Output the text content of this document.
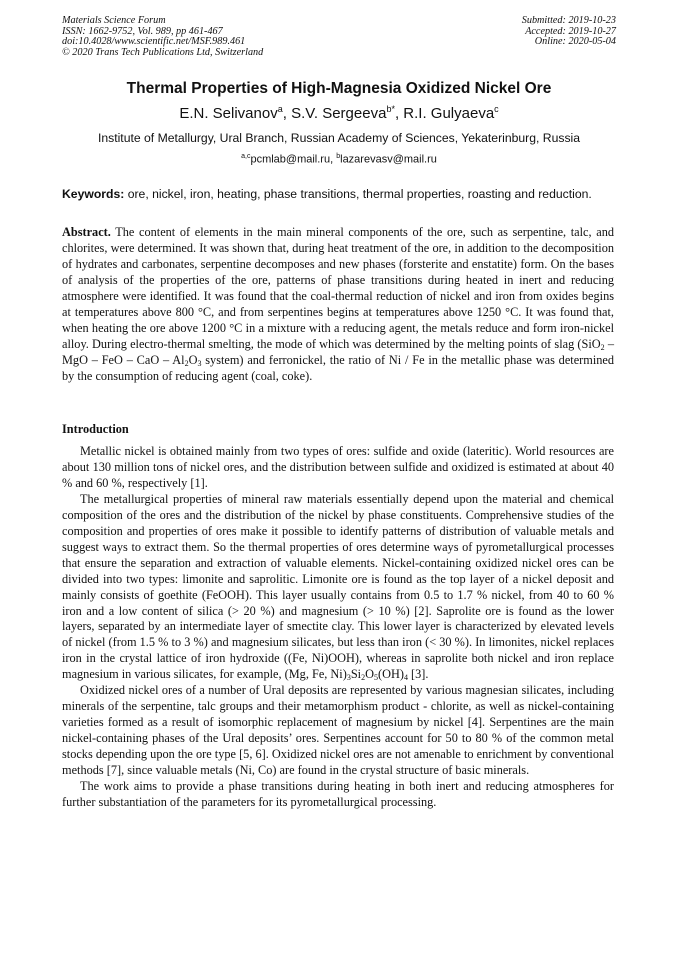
Materials Science Forum
ISSN: 1662-9752, Vol. 989, pp 461-467
doi:10.4028/www.scientific.net/MSF.989.461
© 2020 Trans Tech Publications Ltd, Switzerland
Submitted: 2019-10-23
Accepted: 2019-10-27
Online: 2020-05-04
Thermal Properties of High-Magnesia Oxidized Nickel Ore
E.N. Selivanov$^a$, S.V. Sergeeva$^{b*}$, R.I. Gulyaeva$^c$
Institute of Metallurgy, Ural Branch, Russian Academy of Sciences, Yekaterinburg, Russia
$^{a,c}$pcmlab@mail.ru, $^b$lazarevasv@mail.ru
Keywords: ore, nickel, iron, heating, phase transitions, thermal properties, roasting and reduction.

Abstract. The content of elements in the main mineral components of the ore, such as serpentine, talc, and chlorites, were determined. It was shown that, during heat treatment of the ore, in addition to the decomposition of hydrates and carbonates, serpentine decomposes and new phases (forsterite and enstatite) form. On the bases of analysis of the properties of the ore, patterns of phase transitions during heated in inert and reducing atmosphere were identified. It was found that the coal-thermal reduction of nickel and iron from oxides begins at temperatures above 800 °C, and from serpentines begins at temperatures above 1250 °C. It was found that, when heating the ore above 1200 °C in a mixture with a reducing agent, the metals reduce and form iron-nickel alloy. During electro-thermal smelting, the mode of which was determined by the melting points of slag (SiO$_2$ – MgO – FeO – CaO – $Al_2O_3$ system) and ferronickel, the ratio of Ni / Fe in the metallic phase was determined by the consumption of reducing agent (coal, coke).

Introduction

Metallic nickel is obtained mainly from two types of ores: sulfide and oxide (lateritic). World resources are about 130 million tons of nickel ores, and the distribution between sulfide and oxidized is estimated at about 40 % and 60 %, respectively [1].

The metallurgical properties of mineral raw materials essentially depend upon the material and chemical composition of the ores and the distribution of the nickel by phase constituents. Comprehensive studies of the composition and properties of ores make it possible to identify patterns of distribution of valuable metals and suggest ways to extract them. So the thermal properties of ores determine ways of pyrometallurgical processes that ensure the separation and extraction of valuable elements. Nickel-containing oxidized nickel ores can be divided into two types: limonite and saprolitic. Limonite ore is found as the top layer of a nickel deposit and mainly consists of goethite (FeOOH). This layer usually contains from 0.5 to 1.7 % nickel, from 40 to 60 % iron and a low content of silica (> 20 %) and magnesium (> 10 %) [2]. Saprolite ore is found as the lower layers, separated by an intermediate layer of smectite clay. This lower layer is characterized by elevated levels of nickel (from 1.5 % to 3 %) and magnesium silicates, but less than iron (< 30 %). In limonites, nickel replaces iron in the crystal lattice of iron hydroxide ((Fe, Ni)OOH), whereas in saprolite both nickel and iron replace magnesium in various silicates, for example, (Mg, Fe, $Ni)_3Si_2O_5(OH)_4$ [3].

Oxidized nickel ores of a number of Ural deposits are represented by various magnesian silicates, including minerals of the serpentine, talc groups and their metamorphism product - chlorite, as well as nickel-containing varieties formed as a result of isomorphic replacement of magnesium by nickel [4]. Serpentines are the main nickel-containing phases of the Ural deposits’ ores. Serpentines account for 50 to 80 % of the common metal stocks depending upon the ore type [5, 6]. Oxidized nickel ores are not amenable to enrichment by conventional methods [7], since valuable metals (Ni, Co) are found in the crystal structure of basic minerals.

The work aims to provide a phase transitions during heating in both inert and reducing atmospheres for further substantiation of the parameters for its pyrometallurgical processing.
